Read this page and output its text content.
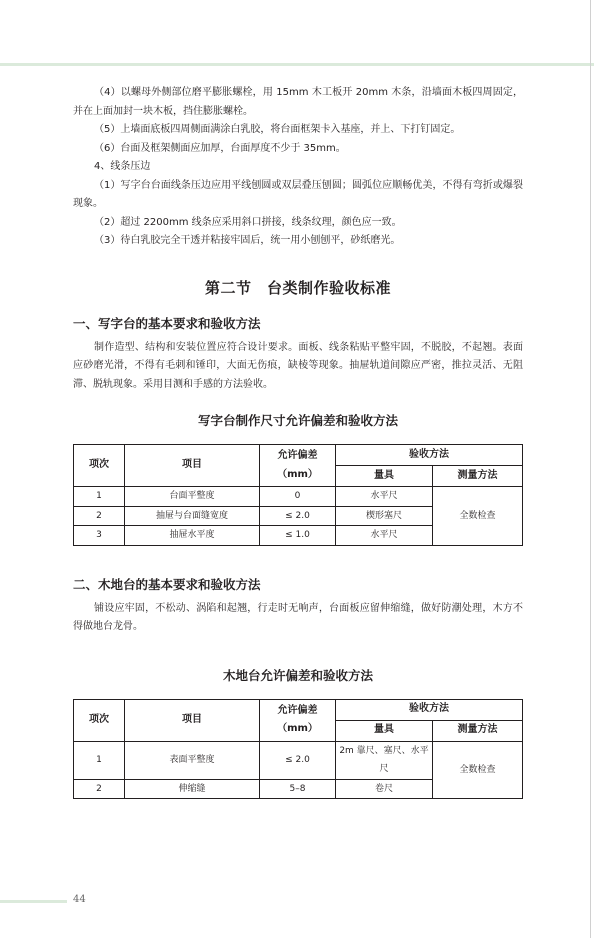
（4）以螺母外侧部位磨平膨胀螺栓，用 15mm 木工板开 20mm 木条，沿墙面木板四周固定，并在上面加封一块木板，挡住膨胀螺栓。

（5）上墙面底板四周侧面满涂白乳胶，将台面框架卡入基座，并上、下打钉固定。

（6）台面及框架侧面应加厚，台面厚度不少于 35mm。

4、线条压边

（1）写字台台面线条压边应用平线刨圆或双层叠压刨圆；圆弧位应顺畅优美，不得有弯折或爆裂现象。

（2）超过 2200mm 线条应采用斜口拼接，线条纹理，颜色应一致。

（3）待白乳胶完全干透并粘接牢固后，统一用小刨刨平，砂纸磨光。

第二节　台类制作验收标准
一、写字台的基本要求和验收方法

制作造型、结构和安装位置应符合设计要求。面板、线条粘贴平整牢固，不脱胶，不起翘。表面应砂磨光滑，不得有毛刺和锤印，大面无伤痕，缺棱等现象。抽屉轨道间隙应严密，推拉灵活、无阻滞、脱轨现象。采用目测和手感的方法验收。

写字台制作尺寸允许偏差和验收方法
项次	项目	允许偏差（mm）	验收方法	
			量具	测量方法
1	台面平整度	0	水平尺	全数检查
2	抽屉与台面缝宽度	≤ 2.0	楔形塞尺	
3	抽屉水平度	≤ 1.0	水平尺	
二、木地台的基本要求和验收方法

铺设应牢固，不松动、涡陷和起翘，行走时无响声，台面板应留伸缩缝，做好防潮处理，木方不得做地台龙骨。

木地台允许偏差和验收方法
项次	项目	允许偏差（mm）	验收方法	
			量具	测量方法
1	表面平整度	≤ 2.0	2m 靠尺、塞尺、水平尺	全数检查
2	伸缩缝	5–8	卷尺	
44
